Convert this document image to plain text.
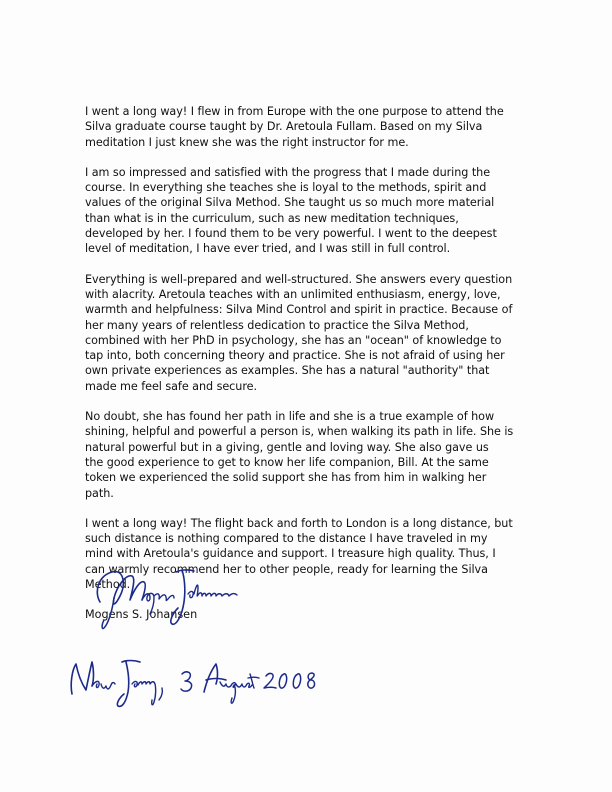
I went a long way! I flew in from Europe with the one purpose to attend the
Silva graduate course taught by Dr. Aretoula Fullam. Based on my Silva
meditation I just knew she was the right instructor for me.

I am so impressed and satisfied with the progress that I made during the
course. In everything she teaches she is loyal to the methods, spirit and
values of the original Silva Method. She taught us so much more material
than what is in the curriculum, such as new meditation techniques,
developed by her. I found them to be very powerful. I went to the deepest
level of meditation, I have ever tried, and I was still in full control.

Everything is well-prepared and well-structured. She answers every question
with alacrity. Aretoula teaches with an unlimited enthusiasm, energy, love,
warmth and helpfulness: Silva Mind Control and spirit in practice. Because of
her many years of relentless dedication to practice the Silva Method,
combined with her PhD in psychology, she has an "ocean" of knowledge to
tap into, both concerning theory and practice. She is not afraid of using her
own private experiences as examples. She has a natural "authority" that
made me feel safe and secure.

No doubt, she has found her path in life and she is a true example of how
shining, helpful and powerful a person is, when walking its path in life. She is
natural powerful but in a giving, gentle and loving way. She also gave us
the good experience to get to know her life companion, Bill. At the same
token we experienced the solid support she has from him in walking her
path.

I went a long way! The flight back and forth to London is a long distance, but
such distance is nothing compared to the distance I have traveled in my
mind with Aretoula's guidance and support. I treasure high quality. Thus, I
can warmly recommend her to other people, ready for learning the Silva
Method.

Mogens S. Johansen
